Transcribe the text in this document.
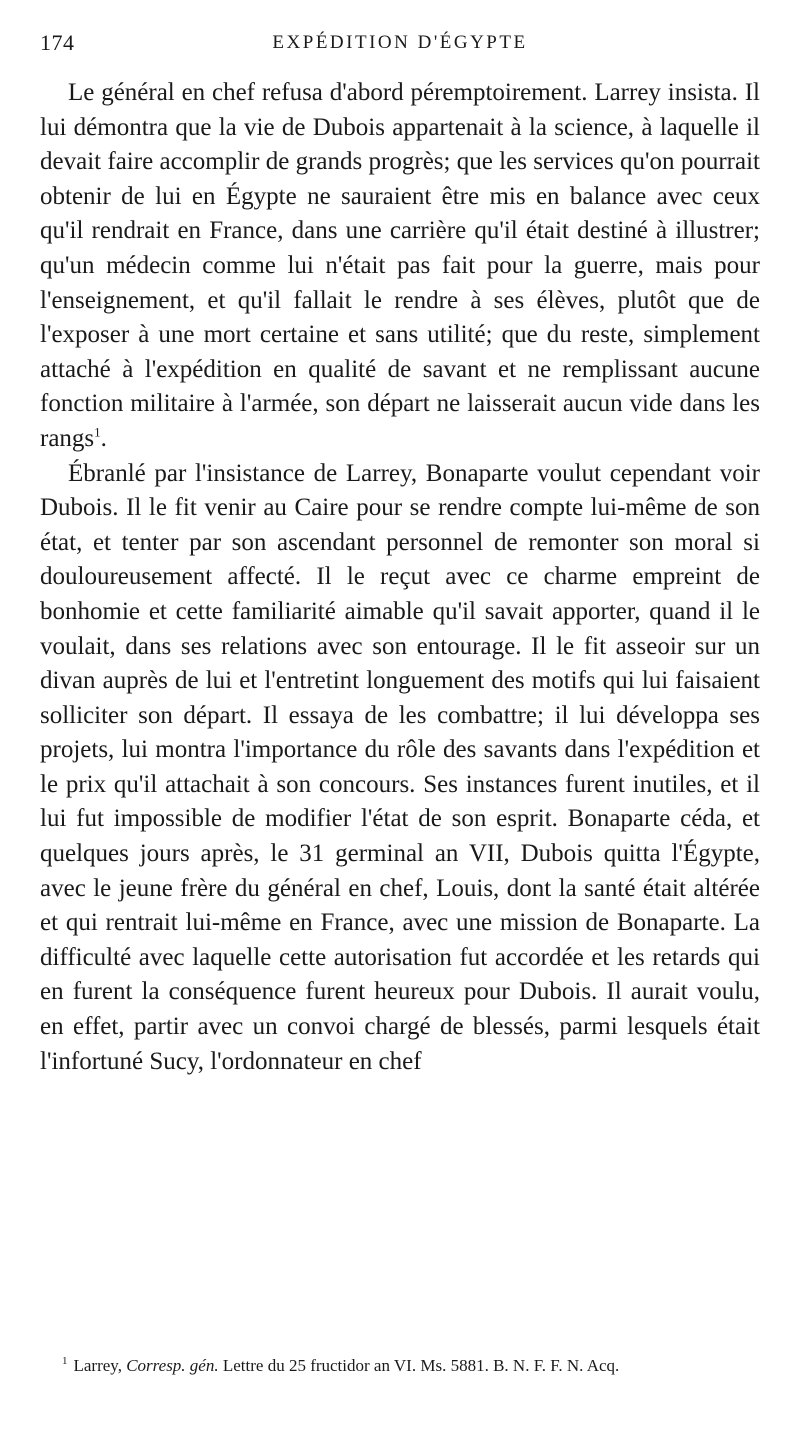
174	EXPÉDITION D'ÉGYPTE

Le général en chef refusa d'abord péremptoirement. Larrey insista. Il lui démontra que la vie de Dubois appartenait à la science, à laquelle il devait faire accomplir de grands progrès; que les services qu'on pourrait obtenir de lui en Égypte ne sauraient être mis en balance avec ceux qu'il rendrait en France, dans une carrière qu'il était destiné à illustrer; qu'un médecin comme lui n'était pas fait pour la guerre, mais pour l'enseignement, et qu'il fallait le rendre à ses élèves, plutôt que de l'exposer à une mort certaine et sans utilité; que du reste, simplement attaché à l'expédition en qualité de savant et ne remplissant aucune fonction militaire à l'armée, son départ ne laisserait aucun vide dans les rangs$^1$.

Ébranlé par l'insistance de Larrey, Bonaparte voulut cependant voir Dubois. Il le fit venir au Caire pour se rendre compte lui-même de son état, et tenter par son ascendant personnel de remonter son moral si douloureusement affecté. Il le reçut avec ce charme empreint de bonhomie et cette familiarité aimable qu'il savait apporter, quand il le voulait, dans ses relations avec son entourage. Il le fit asseoir sur un divan auprès de lui et l'entretint longuement des motifs qui lui faisaient solliciter son départ. Il essaya de les combattre; il lui développa ses projets, lui montra l'importance du rôle des savants dans l'expédition et le prix qu'il attachait à son concours. Ses instances furent inutiles, et il lui fut impossible de modifier l'état de son esprit. Bonaparte céda, et quelques jours après, le 31 germinal an VII, Dubois quitta l'Égypte, avec le jeune frère du général en chef, Louis, dont la santé était altérée et qui rentrait lui-même en France, avec une mission de Bonaparte. La difficulté avec laquelle cette autorisation fut accordée et les retards qui en furent la conséquence furent heureux pour Dubois. Il aurait voulu, en effet, partir avec un convoi chargé de blessés, parmi lesquels était l'infortuné Sucy, l'ordonnateur en chef

$^1$ Larrey, Corresp. gén. Lettre du 25 fructidor an VI. Ms. 5881. B. N. F. F. N. Acq.
